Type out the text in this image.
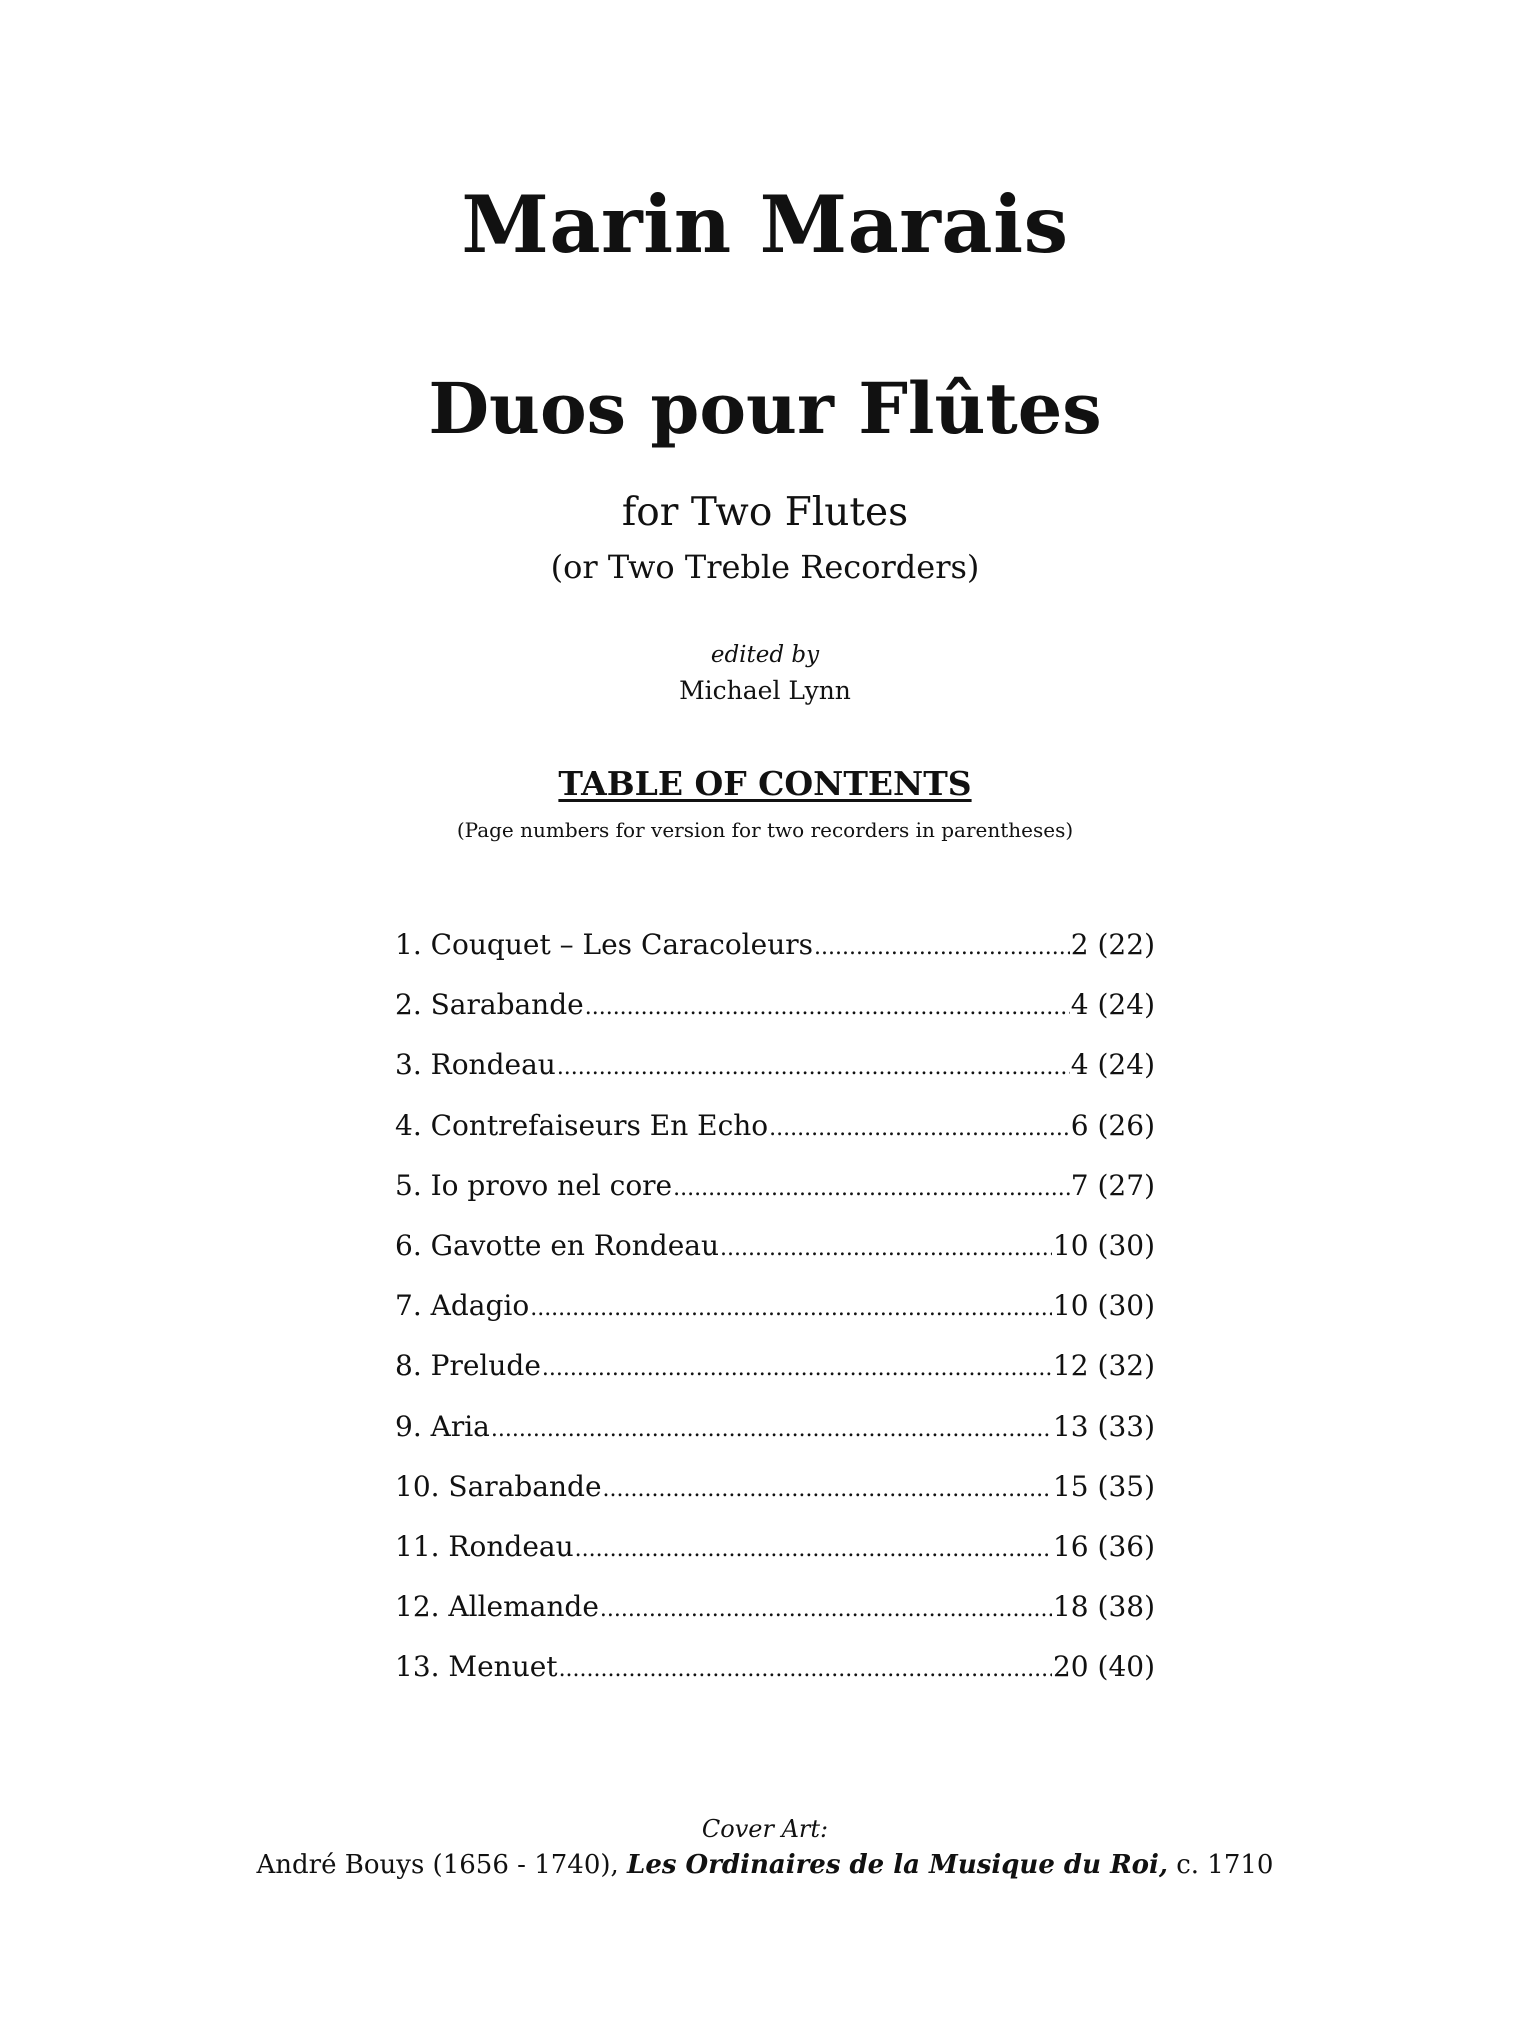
Marin Marais
Duos pour Flûtes
for Two Flutes
(or Two Treble Recorders)
edited by
Michael Lynn
TABLE OF CONTENTS
(Page numbers for version for two recorders in parentheses)
1. Couquet – Les Caracoleurs .....	2 (22)
2. Sarabande .....	4 (24)
3. Rondeau .....	4 (24)
4. Contrefaiseurs En Echo .....	6 (26)
5. Io provo nel core .....	7 (27)
6. Gavotte en Rondeau .....	10 (30)
7. Adagio .....	10 (30)
8. Prelude .....	12 (32)
9. Aria .....	13 (33)
10. Sarabande .....	15 (35)
11. Rondeau .....	16 (36)
12. Allemande .....	18 (38)
13. Menuet .....	20 (40)
Cover Art:
André Bouys (1656 - 1740), Les Ordinaires de la Musique du Roi, c. 1710
